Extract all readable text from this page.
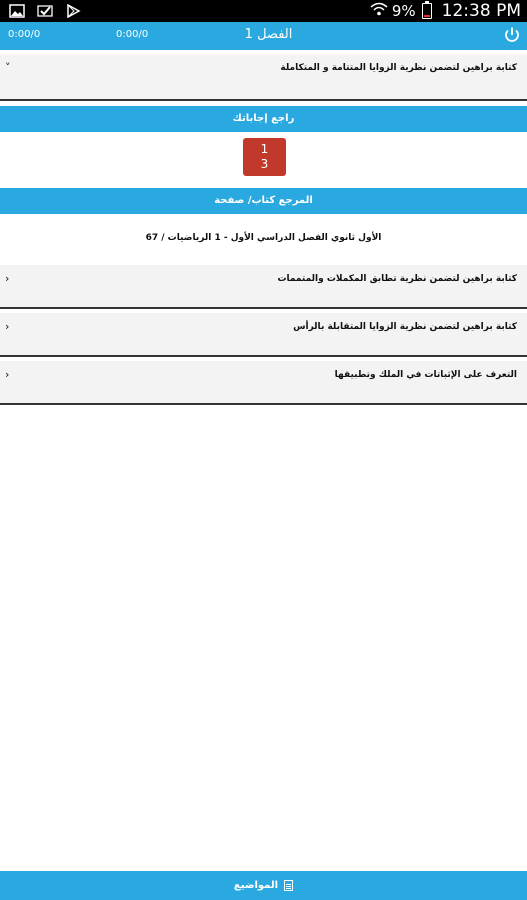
9% 12:38 PM
0:00/0	0:00/0	الفصل 1
˅	كتابة براهين لتضمن نظرية الزوايا المتتامة و المتكاملة
راجع إجاباتك
1
3
المرجع كتاب/ صفحة
الأول ثانوي الفصل الدراسي الأول - 1 الرياضيات / 67
›	كتابة براهين لتضمن نظرية تطابق المكملات والمتممات
›	كتابة براهين لتضمن نظرية الزوايا المتقابلة بالرأس
›	التعرف على الإثباتات في الملك وتطبيقها
المواضيع
